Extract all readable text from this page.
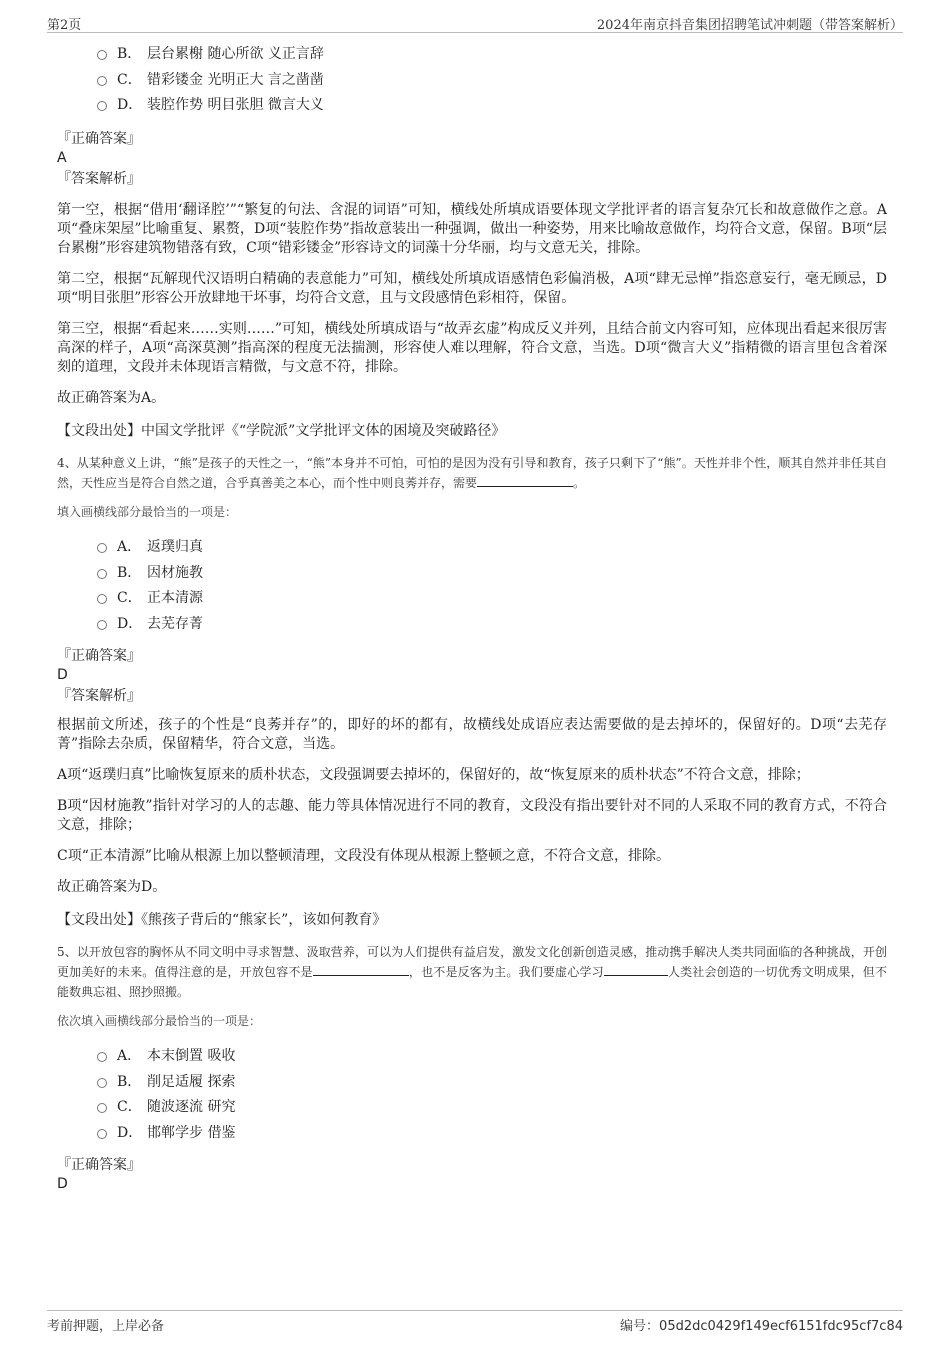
第2页	2024年南京抖音集团招聘笔试冲刺题（带答案解析）
B． 层台累榭 随心所欲 义正言辞
C． 错彩镂金 光明正大 言之凿凿
D． 装腔作势 明目张胆 微言大义

『正确答案』

A

『答案解析』

第一空，根据“借用‘翻译腔’”“繁复的句法、含混的词语”可知，横线处所填成语要体现文学批评者的语言复杂冗长和故意做作之意。A项“叠床架屋”比喻重复、累赘，D项“装腔作势”指故意装出一种强调，做出一种姿势，用来比喻故意做作，均符合文意，保留。B项“层台累榭”形容建筑物错落有致，C项“错彩镂金”形容诗文的词藻十分华丽，均与文意无关，排除。

第二空，根据“瓦解现代汉语明白精确的表意能力”可知，横线处所填成语感情色彩偏消极，A项“肆无忌惮”指恣意妄行，毫无顾忌，D项“明目张胆”形容公开放肆地干坏事，均符合文意，且与文段感情色彩相符，保留。

第三空，根据“看起来……实则……”可知，横线处所填成语与“故弄玄虚”构成反义并列，且结合前文内容可知，应体现出看起来很厉害高深的样子，A项“高深莫测”指高深的程度无法揣测，形容使人难以理解，符合文意，当选。D项“微言大义”指精微的语言里包含着深刻的道理，文段并未体现语言精微，与文意不符，排除。

故正确答案为A。

【文段出处】中国文学批评《“学院派”文学批评文体的困境及突破路径》

4、从某种意义上讲，“熊”是孩子的天性之一，“熊”本身并不可怕，可怕的是因为没有引导和教育，孩子只剩下了“熊”。天性并非个性，顺其自然并非任其自然，天性应当是符合自然之道，合乎真善美之本心，而个性中则良莠并存，需要	。

填入画横线部分最恰当的一项是：

A． 返璞归真
B． 因材施教
C． 正本清源
D． 去芜存菁

『正确答案』

D

『答案解析』

根据前文所述，孩子的个性是“良莠并存”的，即好的坏的都有，故横线处成语应表达需要做的是去掉坏的，保留好的。D项“去芜存菁”指除去杂质，保留精华，符合文意，当选。

A项“返璞归真”比喻恢复原来的质朴状态，文段强调要去掉坏的，保留好的，故“恢复原来的质朴状态”不符合文意，排除；

B项“因材施教”指针对学习的人的志趣、能力等具体情况进行不同的教育，文段没有指出要针对不同的人采取不同的教育方式，不符合文意，排除；

C项“正本清源”比喻从根源上加以整顿清理，文段没有体现从根源上整顿之意，不符合文意，排除。

故正确答案为D。

【文段出处】《熊孩子背后的“熊家长”，该如何教育》

5、以开放包容的胸怀从不同文明中寻求智慧、汲取营养，可以为人们提供有益启发，激发文化创新创造灵感，推动携手解决人类共同面临的各种挑战，开创更加美好的未来。值得注意的是，开放包容不是	，也不是反客为主。我们要虚心学习	人类社会创造的一切优秀文明成果，但不能数典忘祖、照抄照搬。

依次填入画横线部分最恰当的一项是：

A． 本末倒置 吸收
B． 削足适履 探索
C． 随波逐流 研究
D． 邯郸学步 借鉴

『正确答案』

D

考前押题，上岸必备	编号：05d2dc0429f149ecf6151fdc95cf7c84
